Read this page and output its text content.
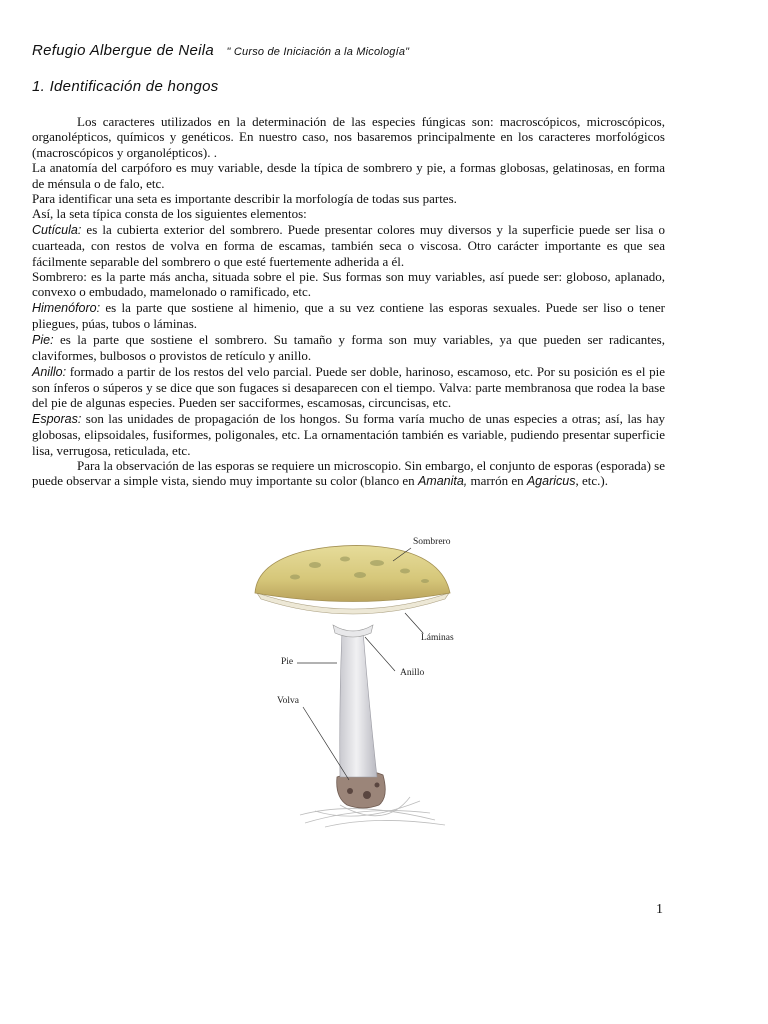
Refugio Albergue de Neila " Curso de Iniciación a la Micología"
1. Identificación de hongos

Los caracteres utilizados en la determinación de las especies fúngicas son: macroscópicos, microscópicos, organolépticos, químicos y genéticos. En nuestro caso, nos basaremos principalmente en los caracteres morfológicos (macroscópicos y organolépticos). .

La anatomía del carpóforo es muy variable, desde la típica de sombrero y pie, a formas globosas, gelatinosas, en forma de ménsula o de falo, etc.

Para identificar una seta es importante describir la morfología de todas sus partes.

Así, la seta típica consta de los siguientes elementos:

Cutícula: es la cubierta exterior del sombrero. Puede presentar colores muy diversos y la superficie puede ser lisa o cuarteada, con restos de volva en forma de escamas, también seca o viscosa. Otro carácter importante es que sea fácilmente separable del sombrero o que esté fuertemente adherida a él.

Sombrero: es la parte más ancha, situada sobre el pie. Sus formas son muy variables, así puede ser: globoso, aplanado, convexo o embudado, mamelonado o ramificado, etc.

Himenóforo: es la parte que sostiene al himenio, que a su vez contiene las esporas sexuales. Puede ser liso o tener pliegues, púas, tubos o láminas.

Pie: es la parte que sostiene el sombrero. Su tamaño y forma son muy variables, ya que pueden ser radicantes, claviformes, bulbosos o provistos de retículo y anillo.

Anillo: formado a partir de los restos del velo parcial. Puede ser doble, harinoso, escamoso, etc. Por su posición es el pie son ínferos o súperos y se dice que son fugaces si desaparecen con el tiempo. Valva: parte membranosa que rodea la base del pie de algunas especies. Pueden ser sacciformes, escamosas, circuncisas, etc.

Esporas: son las unidades de propagación de los hongos. Su forma varía mucho de unas especies a otras; así, las hay globosas, elipsoidales, fusiformes, poligonales, etc. La ornamentación también es variable, pudiendo presentar superficie lisa, verrugosa, reticulada, etc.

Para la observación de las esporas se requiere un microscopio. Sin embargo, el conjunto de esporas (esporada) se puede observar a simple vista, siendo muy importante su color (blanco en Amanita, marrón en Agaricus, etc.).

Sombrero
Láminas
Pie
Anillo
Volva
1
